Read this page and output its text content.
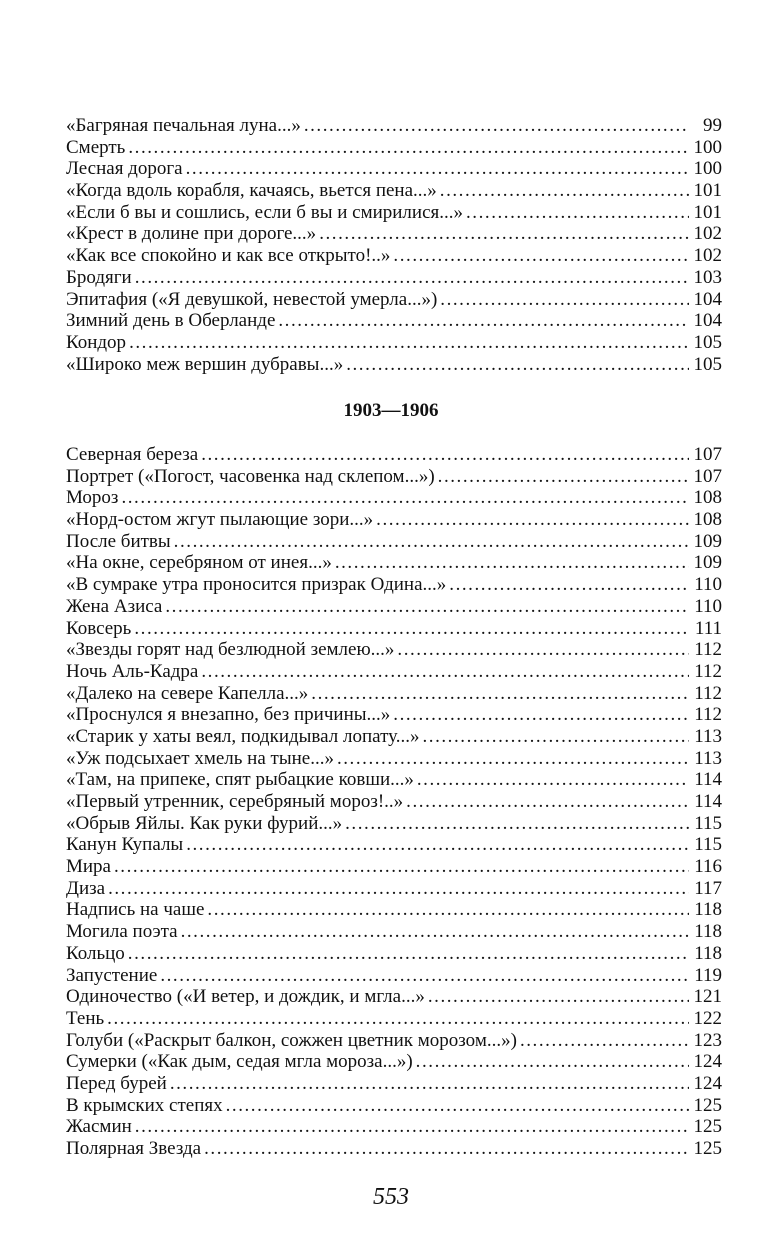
«Багряная печальная луна...» . . .	99
Смерть . . .	100
Лесная дорога . . .	100
«Когда вдоль корабля, качаясь, вьется пена...» . . .	101
«Если б вы и сошлись, если б вы и смирилися...» . . .	101
«Крест в долине при дороге...» . . .	102
«Как все спокойно и как все открыто!..» . . .	102
Бродяги . . .	103
Эпитафия («Я девушкой, невестой умерла...») . . .	104
Зимний день в Оберланде . . .	104
Кондор . . .	105
«Широко меж вершин дубравы...» . . .	105
1903—1906
Северная береза . . .	107
Портрет («Погост, часовенка над склепом...») . . .	107
Мороз . . .	108
«Норд-остом жгут пылающие зори...» . . .	108
После битвы . . .	109
«На окне, серебряном от инея...» . . .	109
«В сумраке утра проносится призрак Одина...» . . .	110
Жена Азиса . . .	110
Ковсерь . . .	111
«Звезды горят над безлюдной землею...» . . .	112
Ночь Аль-Кадра . . .	112
«Далеко на севере Капелла...» . . .	112
«Проснулся я внезапно, без причины...» . . .	112
«Старик у хаты веял, подкидывал лопату...» . . .	113
«Уж подсыхает хмель на тыне...» . . .	113
«Там, на припеке, спят рыбацкие ковши...» . . .	114
«Первый утренник, серебряный мороз!..» . . .	114
«Обрыв Яйлы. Как руки фурий...» . . .	115
Канун Купалы . . .	115
Мира . . .	116
Диза . . .	117
Надпись на чаше . . .	118
Могила поэта . . .	118
Кольцо . . .	118
Запустение . . .	119
Одиночество («И ветер, и дождик, и мгла...» . . .	121
Тень . . .	122
Голуби («Раскрыт балкон, сожжен цветник морозом...») . . .	123
Сумерки («Как дым, седая мгла мороза...») . . .	124
Перед бурей . . .	124
В крымских степях . . .	125
Жасмин . . .	125
Полярная Звезда . . .	125
553
